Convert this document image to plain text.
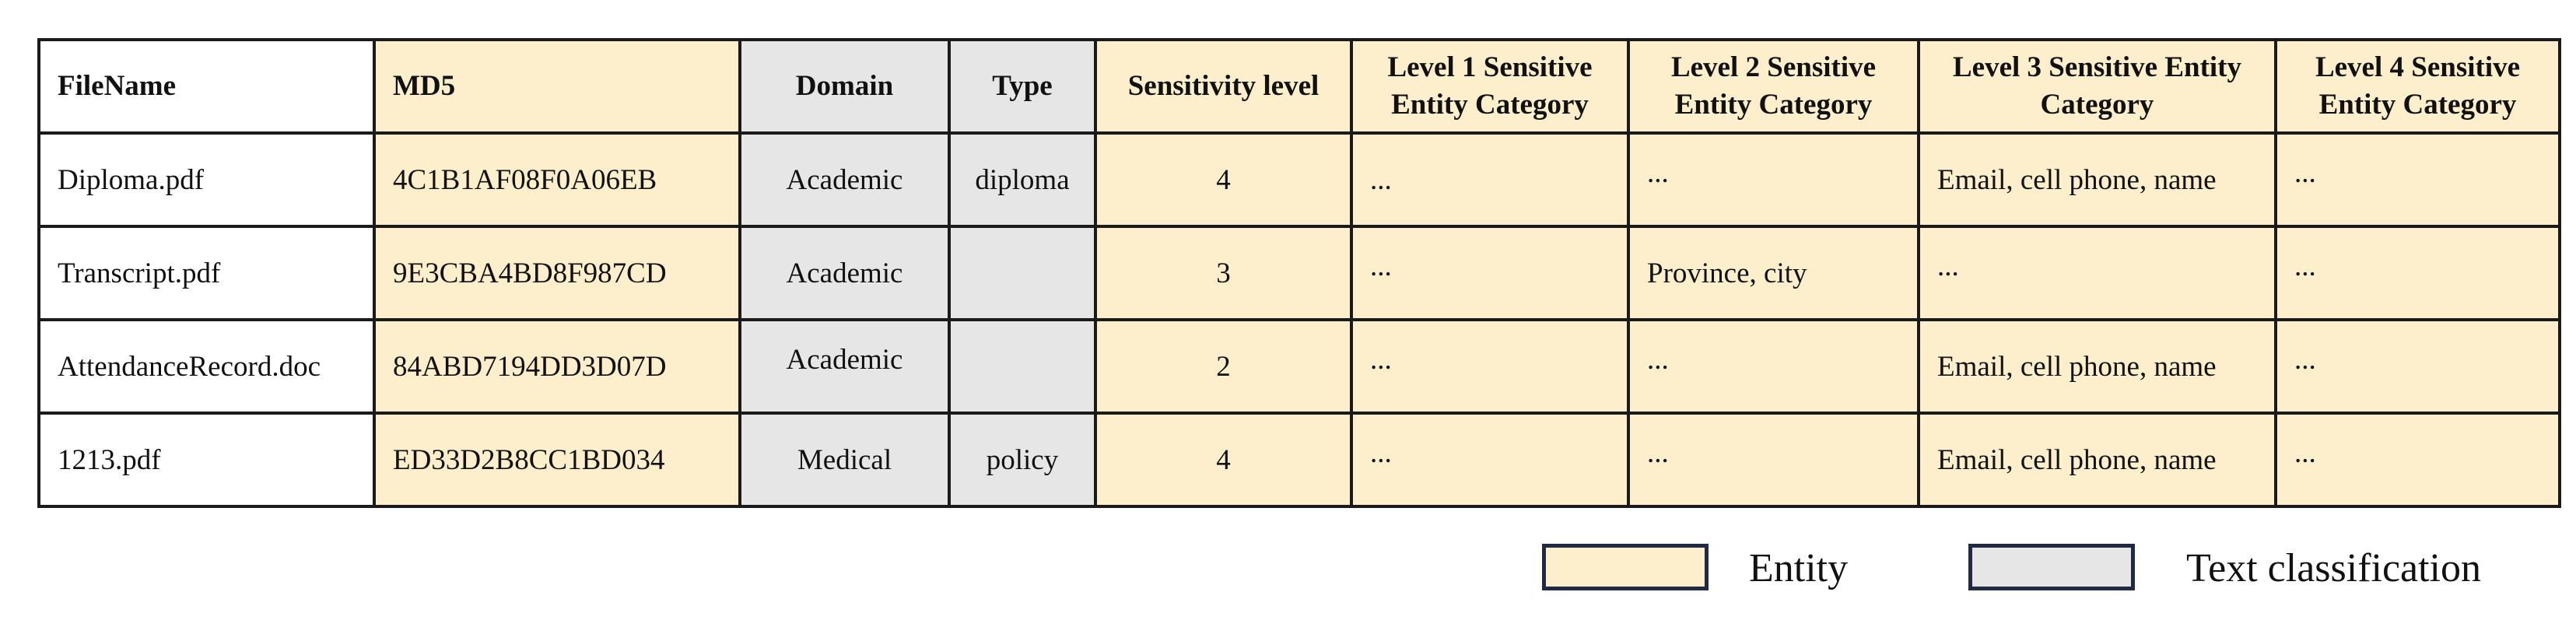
FileName	MD5	Domain	Type	Sensitivity level	Level 1 Sensitive Entity Category	Level 2 Sensitive Entity Category	Level 3 Sensitive Entity Category	Level 4 Sensitive Entity Category
Diploma.pdf	4C1B1AF08F0A06EB	Academic	diploma	4	...	...	Email, cell phone, name	...
Transcript.pdf	9E3CBA4BD8F987CD	Academic		3	...	Province, city	...	...
AttendanceRecord.doc	84ABD7194DD3D07D	Academic		2	...	...	Email, cell phone, name	...
1213.pdf	ED33D2B8CC1BD034	Medical	policy	4	...	...	Email, cell phone, name	...
Entity	Text classification
